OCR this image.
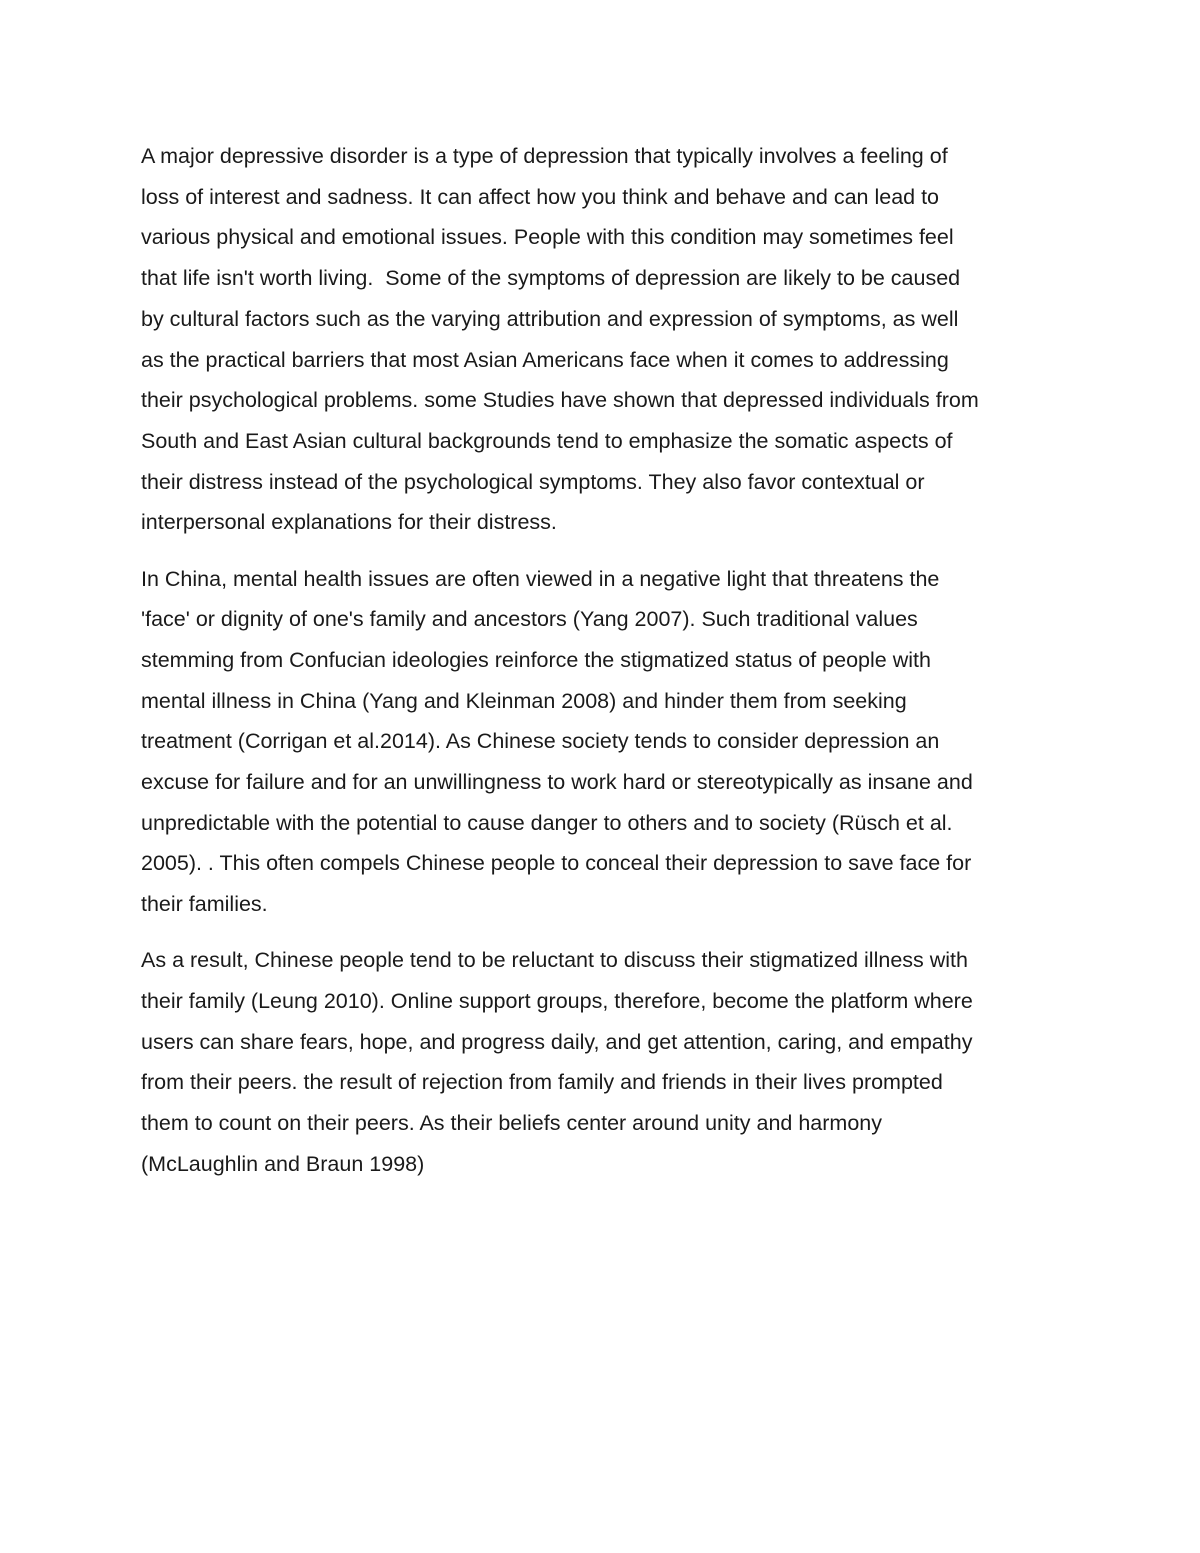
A major depressive disorder is a type of depression that typically involves a feeling of
loss of interest and sadness. It can affect how you think and behave and can lead to
various physical and emotional issues. People with this condition may sometimes feel
that life isn't worth living.  Some of the symptoms of depression are likely to be caused
by cultural factors such as the varying attribution and expression of symptoms, as well
as the practical barriers that most Asian Americans face when it comes to addressing
their psychological problems. some Studies have shown that depressed individuals from
South and East Asian cultural backgrounds tend to emphasize the somatic aspects of
their distress instead of the psychological symptoms. They also favor contextual or
interpersonal explanations for their distress.

In China, mental health issues are often viewed in a negative light that threatens the
'face' or dignity of one's family and ancestors (Yang 2007). Such traditional values
stemming from Confucian ideologies reinforce the stigmatized status of people with
mental illness in China (Yang and Kleinman 2008) and hinder them from seeking
treatment (Corrigan et al.2014). As Chinese society tends to consider depression an
excuse for failure and for an unwillingness to work hard or stereotypically as insane and
unpredictable with the potential to cause danger to others and to society (Rüsch et al.
2005). . This often compels Chinese people to conceal their depression to save face for
their families.

As a result, Chinese people tend to be reluctant to discuss their stigmatized illness with
their family (Leung 2010). Online support groups, therefore, become the platform where
users can share fears, hope, and progress daily, and get attention, caring, and empathy
from their peers. the result of rejection from family and friends in their lives prompted
them to count on their peers. As their beliefs center around unity and harmony
(McLaughlin and Braun 1998)
